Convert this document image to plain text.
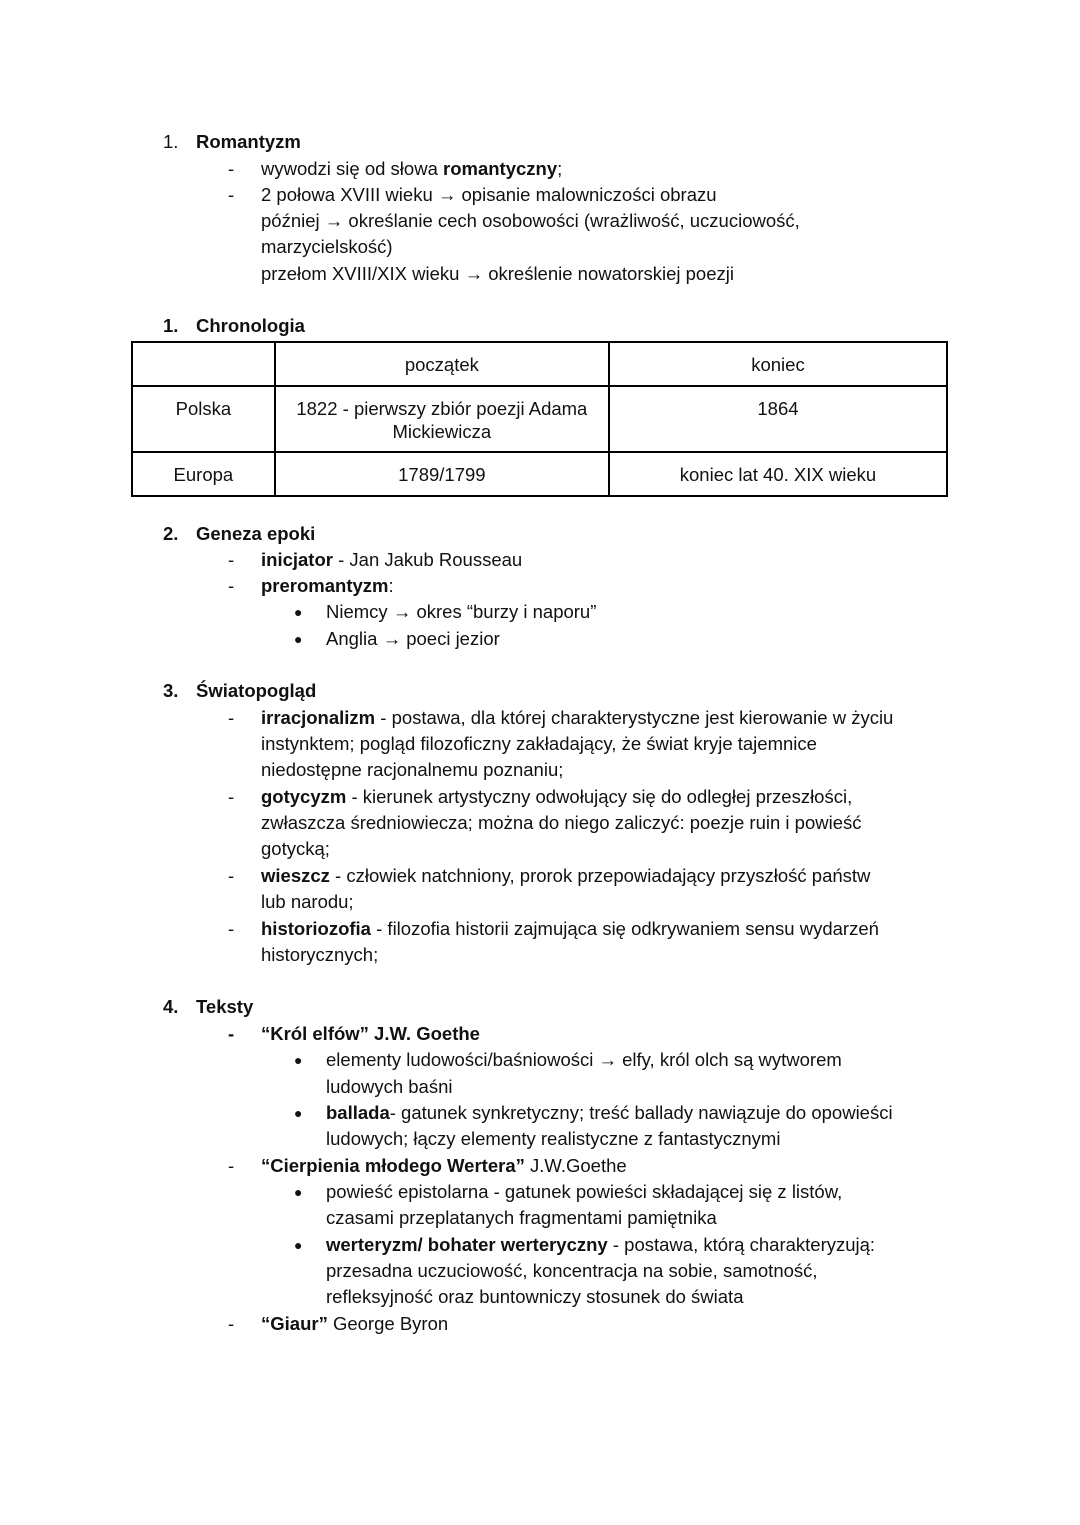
1. Romantyzm
- wywodzi się od słowa romantyczny;
- 2 połowa XVIII wieku → opisanie malowniczości obrazu
później → określanie cech osobowości (wrażliwość, uczuciowość,
marzycielskość)
przełom XVIII/XIX wieku → określenie nowatorskiej poezji
1. Chronologia
	początek	koniec
Polska	1822 - pierwszy zbiór poezji Adama Mickiewicza	1864
Europa	1789/1799	koniec lat 40. XIX wieku
2. Geneza epoki
- inicjator - Jan Jakub Rousseau
- preromantyzm:
● Niemcy → okres “burzy i naporu”
● Anglia → poeci jezior
3. Światopogląd
- irracjonalizm - postawa, dla której charakterystyczne jest kierowanie w życiu
instynktem; pogląd filozoficzny zakładający, że świat kryje tajemnice
niedostępne racjonalnemu poznaniu;
- gotycyzm - kierunek artystyczny odwołujący się do odległej przeszłości,
zwłaszcza średniowiecza; można do niego zaliczyć: poezje ruin i powieść
gotycką;
- wieszcz - człowiek natchniony, prorok przepowiadający przyszłość państw
lub narodu;
- historiozofia - filozofia historii zajmująca się odkrywaniem sensu wydarzeń
historycznych;
4. Teksty
- “Król elfów” J.W. Goethe
● elementy ludowości/baśniowości → elfy, król olch są wytworem
ludowych baśni
● ballada- gatunek synkretyczny; treść ballady nawiązuje do opowieści
ludowych; łączy elementy realistyczne z fantastycznymi
- “Cierpienia młodego Wertera” J.W.Goethe
● powieść epistolarna - gatunek powieści składającej się z listów,
czasami przeplatanych fragmentami pamiętnika
● werteryzm/ bohater werteryczny - postawa, którą charakteryzują:
przesadna uczuciowość, koncentracja na sobie, samotność,
refleksyjność oraz buntowniczy stosunek do świata
- “Giaur” George Byron
